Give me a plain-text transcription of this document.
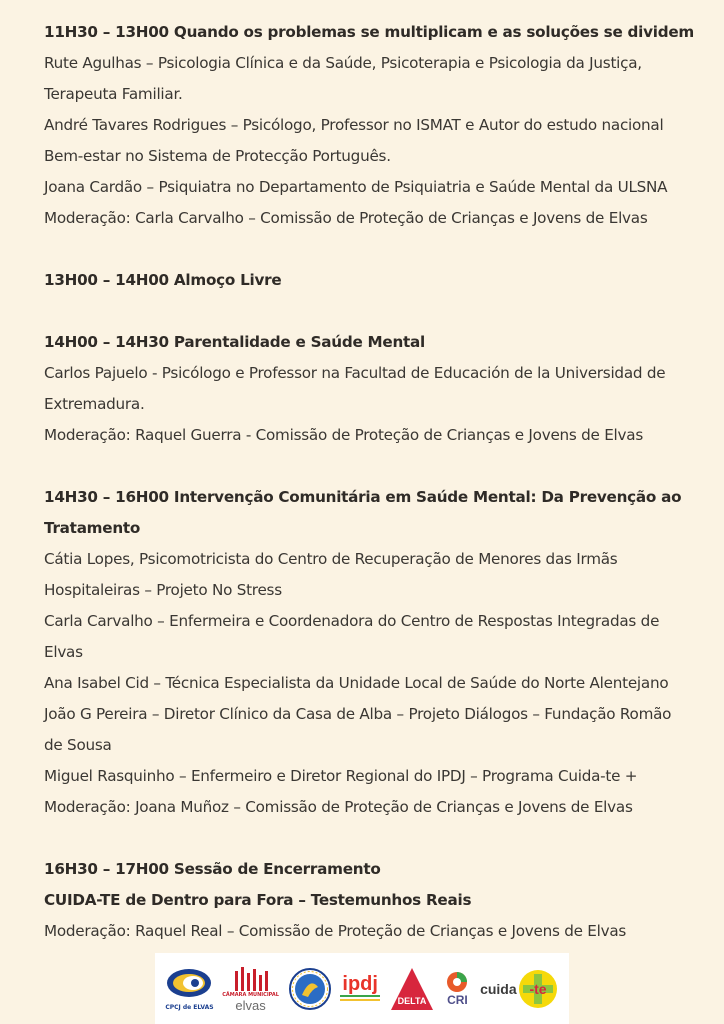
11H30 – 13H00 Quando os problemas se multiplicam e as soluções se dividem
Rute Agulhas – Psicologia Clínica e da Saúde, Psicoterapia e Psicologia da Justiça,
Terapeuta Familiar.
André Tavares Rodrigues – Psicólogo, Professor no ISMAT e Autor do estudo nacional
Bem-estar no Sistema de Protecção Português.
Joana Cardão – Psiquiatra no Departamento de Psiquiatria e Saúde Mental da ULSNA
Moderação: Carla Carvalho – Comissão de Proteção de Crianças e Jovens de Elvas
13H00 – 14H00 Almoço Livre
14H00 – 14H30 Parentalidade e Saúde Mental
Carlos Pajuelo - Psicólogo e Professor na Facultad de Educación de la Universidad de
Extremadura.
Moderação: Raquel Guerra - Comissão de Proteção de Crianças e Jovens de Elvas
14H30 – 16H00 Intervenção Comunitária em Saúde Mental: Da Prevenção ao
Tratamento
Cátia Lopes, Psicomotricista do Centro de Recuperação de Menores das Irmãs
Hospitaleiras – Projeto No Stress
Carla Carvalho – Enfermeira e Coordenadora do Centro de Respostas Integradas de
Elvas
Ana Isabel Cid – Técnica Especialista da Unidade Local de Saúde do Norte Alentejano
João G Pereira – Diretor Clínico da Casa de Alba – Projeto Diálogos – Fundação Romão
de Sousa
Miguel Rasquinho – Enfermeiro e Diretor Regional do IPDJ – Programa Cuida-te +
Moderação: Joana Muñoz – Comissão de Proteção de Crianças e Jovens de Elvas
16H30 – 17H00 Sessão de Encerramento
CUIDA-TE de Dentro para Fora – Testemunhos Reais
Moderação: Raquel Real – Comissão de Proteção de Crianças e Jovens de Elvas
CPCJ de ELVAS
CÂMARA MUNICIPAL
elvas
ipdj
DELTA CRI
cuida -te
